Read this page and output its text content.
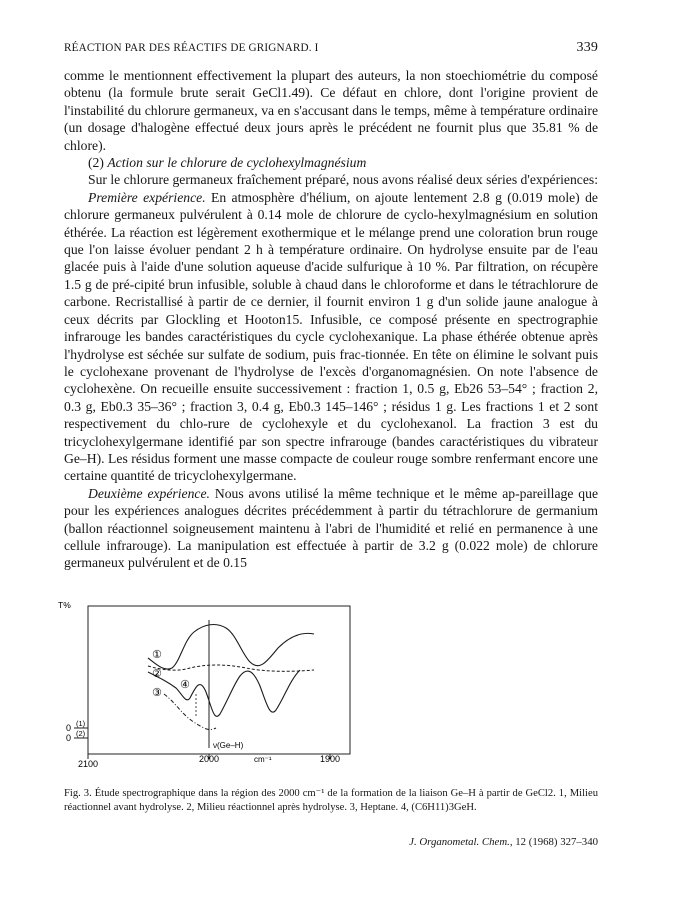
RÉACTION PAR DES RÉACTIFS DE GRIGNARD. I	339

comme le mentionnent effectivement la plupart des auteurs, la non stoechiométrie du composé obtenu (la formule brute serait GeCl1.49). Ce défaut en chlore, dont l'origine provient de l'instabilité du chlorure germaneux, va en s'accusant dans le temps, même à température ordinaire (un dosage d'halogène effectué deux jours après le précédent ne fournit plus que 35.81 % de chlore).

(2) Action sur le chlorure de cyclohexylmagnésium

Sur le chlorure germaneux fraîchement préparé, nous avons réalisé deux séries d'expériences:

Première expérience. En atmosphère d'hélium, on ajoute lentement 2.8 g (0.019 mole) de chlorure germaneux pulvérulent à 0.14 mole de chlorure de cyclo-hexylmagnésium en solution éthérée. La réaction est légèrement exothermique et le mélange prend une coloration brun rouge que l'on laisse évoluer pendant 2 h à température ordinaire. On hydrolyse ensuite par de l'eau glacée puis à l'aide d'une solution aqueuse d'acide sulfurique à 10 %. Par filtration, on récupère 1.5 g de pré-cipité brun infusible, soluble à chaud dans le chloroforme et dans le tétrachlorure de carbone. Recristallisé à partir de ce dernier, il fournit environ 1 g d'un solide jaune analogue à ceux décrits par Glockling et Hooton15. Infusible, ce composé présente en spectrographie infrarouge les bandes caractéristiques du cycle cyclohexanique. La phase éthérée obtenue après l'hydrolyse est séchée sur sulfate de sodium, puis frac-tionnée. En tête on élimine le solvant puis le cyclohexane provenant de l'hydrolyse de l'excès d'organomagnésien. On note l'absence de cyclohexène. On recueille ensuite successivement : fraction 1, 0.5 g, Eb26 53–54° ; fraction 2, 0.3 g, Eb0.3 35–36° ; fraction 3, 0.4 g, Eb0.3 145–146° ; résidus 1 g. Les fractions 1 et 2 sont respectivement du chlo-rure de cyclohexyle et du cyclohexanol. La fraction 3 est du tricyclohexylgermane identifié par son spectre infrarouge (bandes caractéristiques du vibrateur Ge–H). Les résidus forment une masse compacte de couleur rouge sombre renfermant encore une certaine quantité de tricyclohexylgermane.

Deuxième expérience. Nous avons utilisé la même technique et le même ap-pareillage que pour les expériences analogues décrites précédemment à partir du tétrachlorure de germanium (ballon réactionnel soigneusement maintenu à l'abri de l'humidité et relié en permanence à une cellule infrarouge). La manipulation est effectuée à partir de 3.2 g (0.022 mole) de chlorure germaneux pulvérulent et de 0.15

T%
2100	2000	cm⁻¹	1900
0 (1)
0 (2)
ν(Ge–H)
①
②
③
④
Fig. 3. Étude spectrographique dans la région des 2000 cm⁻¹ de la formation de la liaison Ge–H à partir de GeCl2. 1, Milieu réactionnel avant hydrolyse. 2, Milieu réactionnel après hydrolyse. 3, Heptane. 4, (C6H11)3GeH.
J. Organometal. Chem., 12 (1968) 327–340
